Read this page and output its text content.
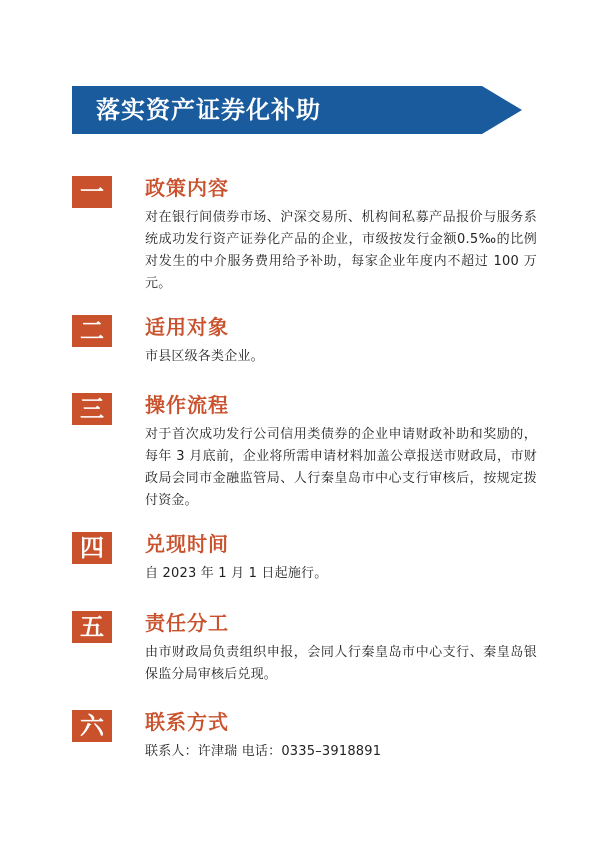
落实资产证券化补助
一	政策内容
对在银行间债券市场、沪深交易所、机构间私募产品报价与服务系统成功发行资产证券化产品的企业，市级按发行金额0.5‰的比例对发生的中介服务费用给予补助，每家企业年度内不超过 100 万元。
二	适用对象
市县区级各类企业。
三	操作流程
对于首次成功发行公司信用类债券的企业申请财政补助和奖励的，每年 3 月底前，企业将所需申请材料加盖公章报送市财政局，市财政局会同市金融监管局、人行秦皇岛市中心支行审核后，按规定拨付资金。
四	兑现时间
自 2023 年 1 月 1 日起施行。
五	责任分工
由市财政局负责组织申报，会同人行秦皇岛市中心支行、秦皇岛银保监分局审核后兑现。
六	联系方式
联系人：许津瑞 电话：0335–3918891
